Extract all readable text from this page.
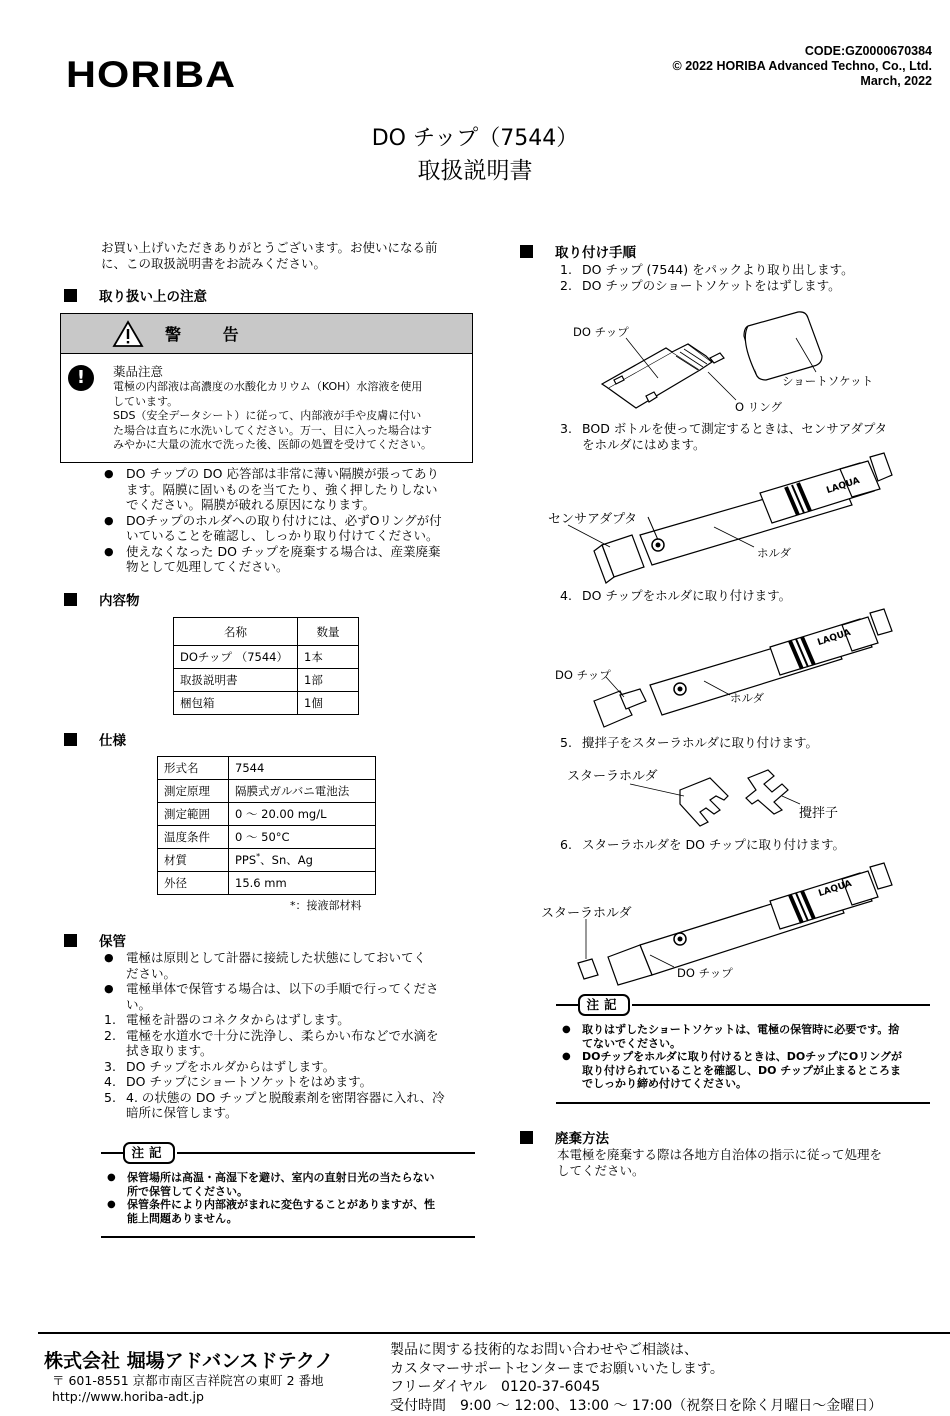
HORIBA
CODE:GZ0000670384
© 2022 HORIBA Advanced Techno, Co., Ltd.
March, 2022
DO チップ（7544）
取扱説明書
お買い上げいただきありがとうございます。お使いになる前
に、この取扱説明書をお読みください。
取り扱い上の注意
警 告
!	薬品注意
電極の内部液は高濃度の水酸化カリウム（KOH）水溶液を使用
しています。
SDS（安全データシート）に従って、内部液が手や皮膚に付い
た場合は直ちに水洗いしてください。万一、目に入った場合はす
みやかに大量の流水で洗った後、医師の処置を受けてください。
● DO チップの DO 応答部は非常に薄い隔膜が張ってあり
ます。隔膜に固いものを当てたり、強く押したりしない
でください。隔膜が破れる原因になります。
● DOチップのホルダへの取り付けには、必ずOリングが付
いていることを確認し、しっかり取り付けてください。
● 使えなくなった DO チップを廃棄する場合は、産業廃棄
物として処理してください。
内容物
名称	数量
DOチップ （7544）	1本
取扱説明書	1部
梱包箱	1個
仕様
形式名	7544
測定原理	隔膜式ガルバニ電池法
測定範囲	0 ～ 20.00 mg/L
温度条件	0 ～ 50°C
材質	PPS*、Sn、Ag
外径	15.6 mm
*：接液部材料
保管
● 電極は原則として計器に接続した状態にしておいてく
ださい。
● 電極単体で保管する場合は、以下の手順で行ってくださ
い。
1. 電極を計器のコネクタからはずします。
2. 電極を水道水で十分に洗浄し、柔らかい布などで水滴を
拭き取ります。
3. DO チップをホルダからはずします。
4. DO チップにショートソケットをはめます。
5. 4. の状態の DO チップと脱酸素剤を密閉容器に入れ、冷
暗所に保管します。
注記
● 保管場所は高温・高湿下を避け、室内の直射日光の当たらない
所で保管してください。
● 保管条件により内部液がまれに変色することがありますが、性
能上問題ありません。
取り付け手順
1. DO チップ (7544) をパックより取り出します。
2. DO チップのショートソケットをはずします。
DO チップ
ショートソケット
O リング
3. BOD ボトルを使って測定するときは、センサアダプタ
をホルダにはめます。
LAQUA
センサアダプタ
ホルダ
4. DO チップをホルダに取り付けます。
LAQUA
DO チップ
ホルダ
5. 攪拌子をスターラホルダに取り付けます。
スターラホルダ
攪拌子
6. スターラホルダを DO チップに取り付けます。
LAQUA
スターラホルダ
DO チップ
注記
● 取りはずしたショートソケットは、電極の保管時に必要です。捨
てないでください。
● DOチップをホルダに取り付けるときは、DOチップにOリングが
取り付けられていることを確認し、DO チップが止まるところま
でしっかり締め付けてください。
廃棄方法
本電極を廃棄する際は各地方自治体の指示に従って処理を
してください。
株式会社 堀場アドバンスドテクノ
〒 601-8551 京都市南区吉祥院宮の東町 2 番地
http://www.horiba-adt.jp
製品に関する技術的なお問い合わせやご相談は、
カスタマーサポートセンターまでお願いいたします。
フリーダイヤル　0120-37-6045
受付時間　9:00 ～ 12:00、13:00 ～ 17:00（祝祭日を除く月曜日～金曜日）
